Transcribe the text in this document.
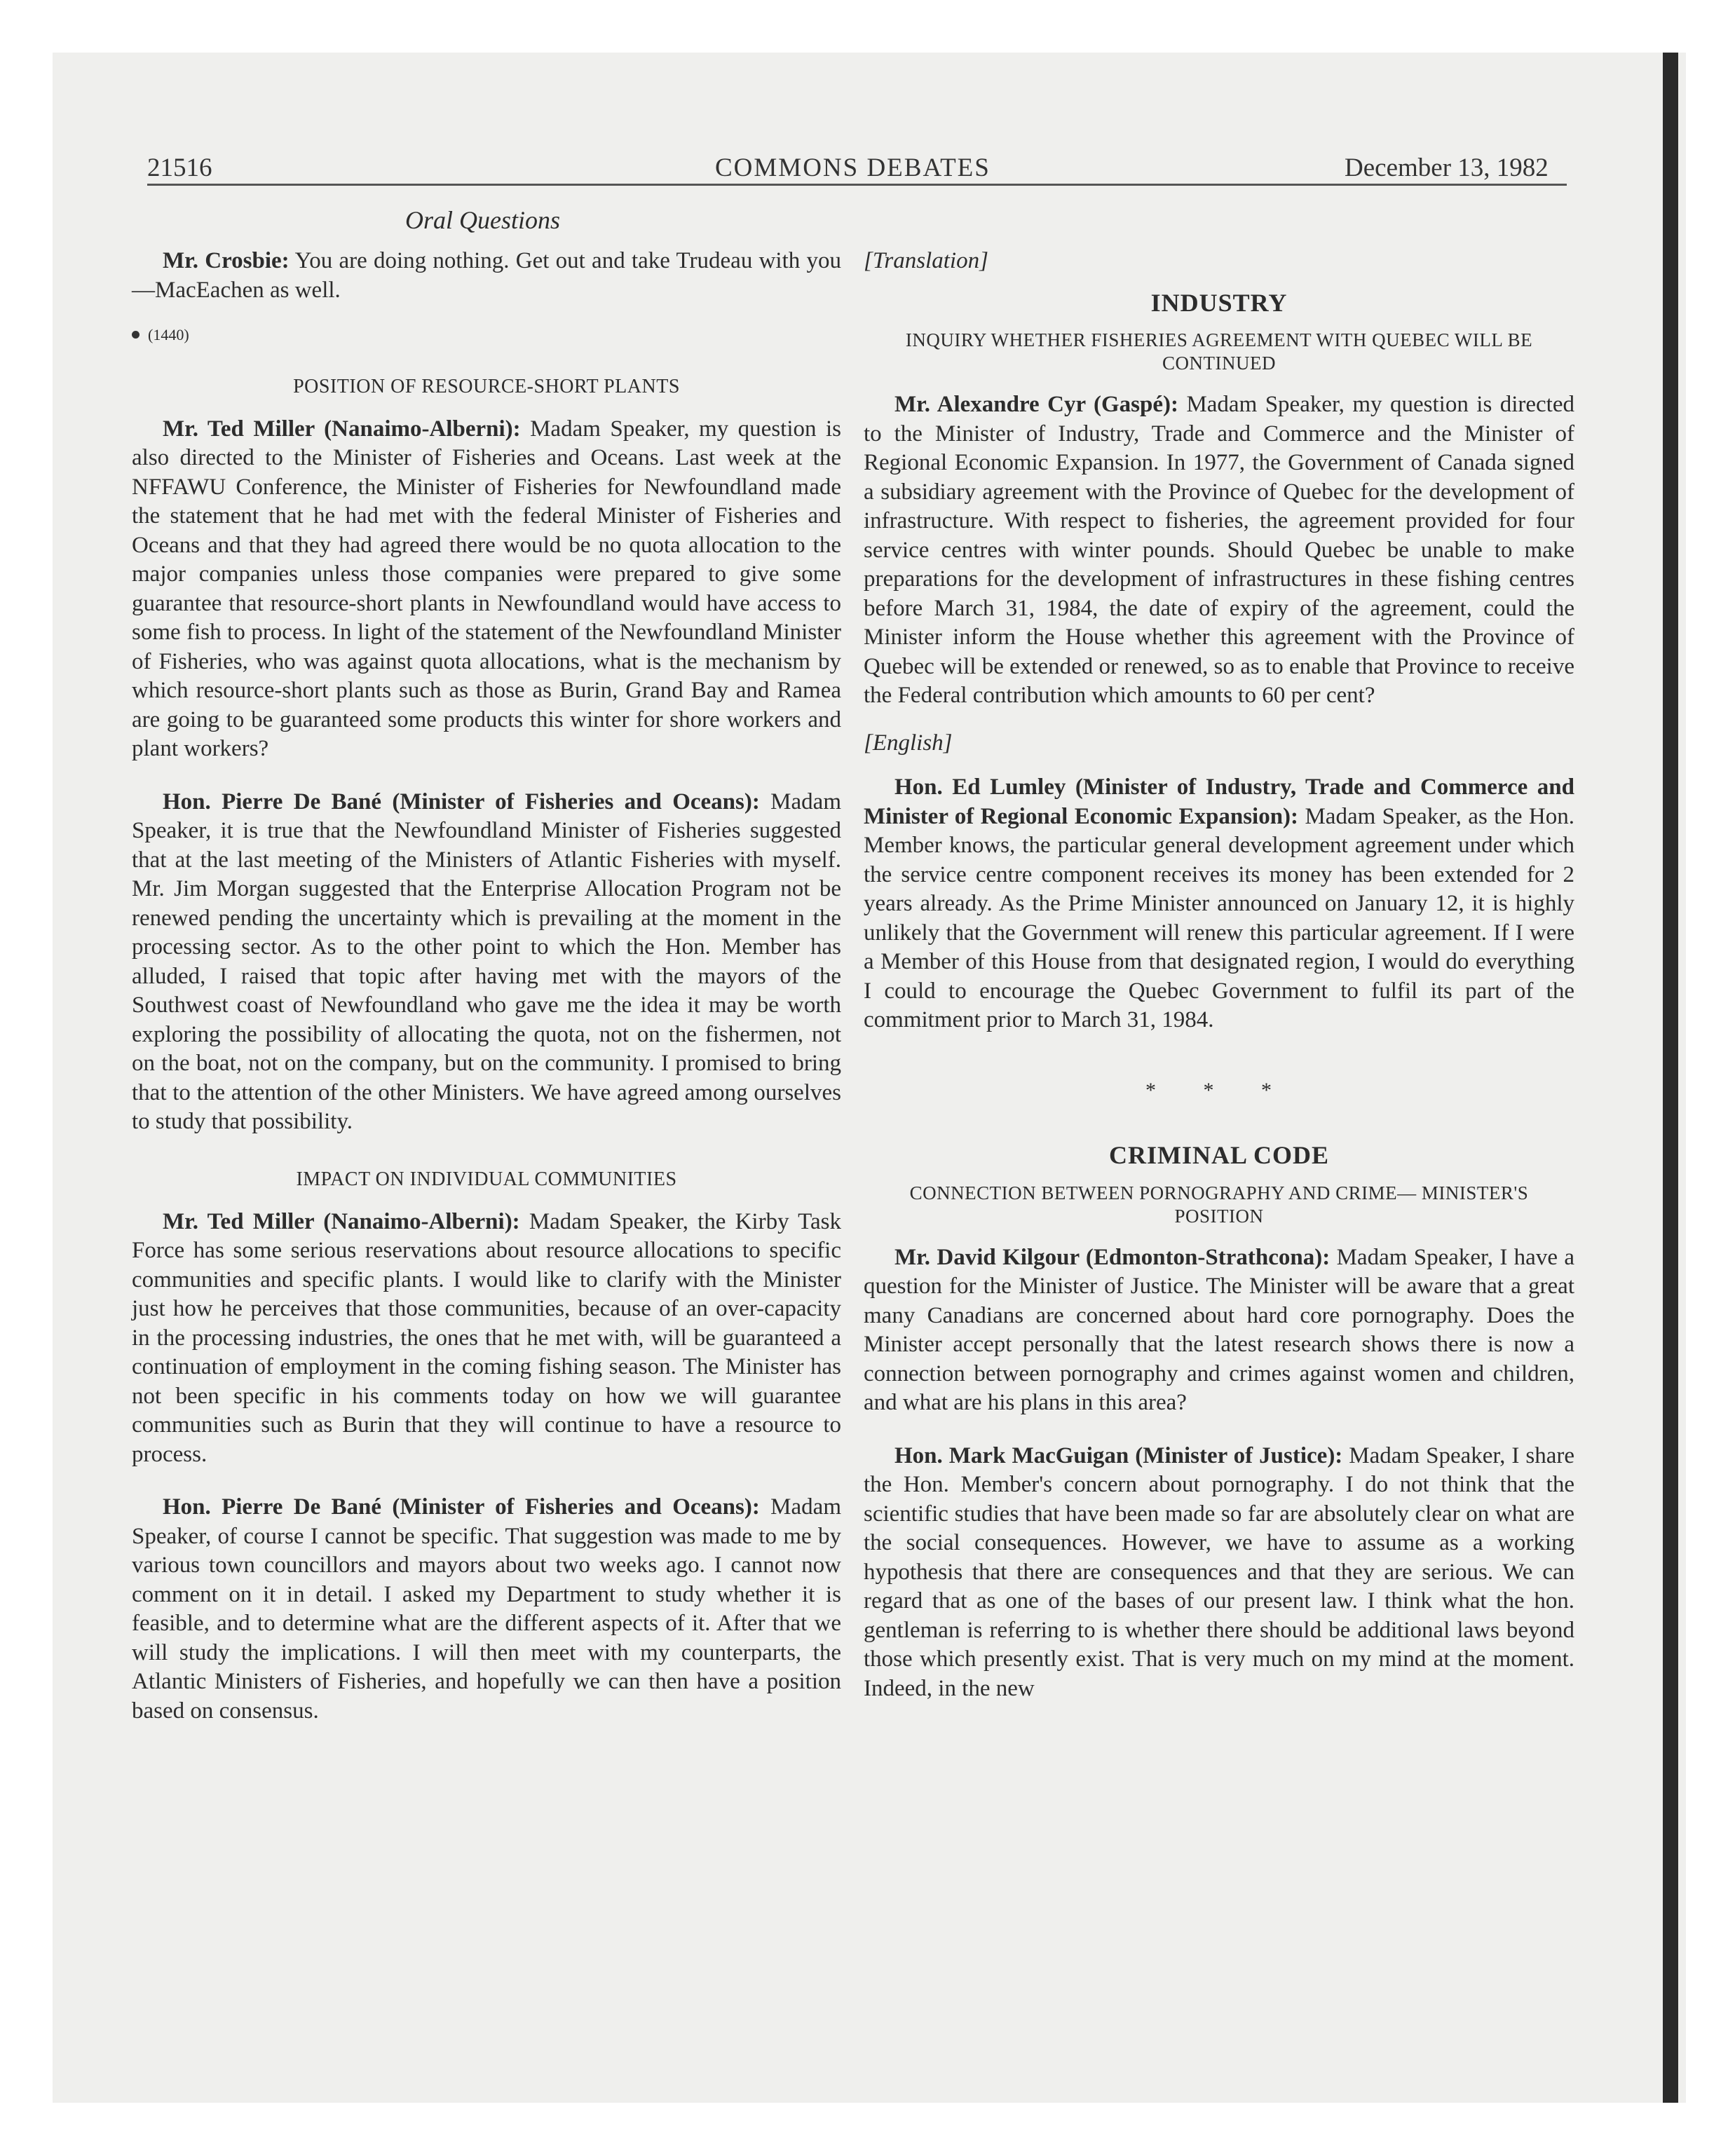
21516	COMMONS DEBATES	December 13, 1982
Oral Questions

Mr. Crosbie: You are doing nothing. Get out and take Trudeau with you—MacEachen as well.

(1440)
POSITION OF RESOURCE-SHORT PLANTS

Mr. Ted Miller (Nanaimo-Alberni): Madam Speaker, my question is also directed to the Minister of Fisheries and Oceans. Last week at the NFFAWU Conference, the Minister of Fisheries for Newfoundland made the statement that he had met with the federal Minister of Fisheries and Oceans and that they had agreed there would be no quota allocation to the major companies unless those companies were prepared to give some guarantee that resource-short plants in Newfoundland would have access to some fish to process. In light of the statement of the Newfoundland Minister of Fisheries, who was against quota allocations, what is the mechanism by which resource-short plants such as those as Burin, Grand Bay and Ramea are going to be guaranteed some products this winter for shore workers and plant workers?

Hon. Pierre De Bané (Minister of Fisheries and Oceans): Madam Speaker, it is true that the Newfoundland Minister of Fisheries suggested that at the last meeting of the Ministers of Atlantic Fisheries with myself. Mr. Jim Morgan suggested that the Enterprise Allocation Program not be renewed pending the uncertainty which is prevailing at the moment in the processing sector. As to the other point to which the Hon. Member has alluded, I raised that topic after having met with the mayors of the Southwest coast of Newfoundland who gave me the idea it may be worth exploring the possibility of allocating the quota, not on the fishermen, not on the boat, not on the company, but on the community. I promised to bring that to the attention of the other Ministers. We have agreed among ourselves to study that possibility.

IMPACT ON INDIVIDUAL COMMUNITIES

Mr. Ted Miller (Nanaimo-Alberni): Madam Speaker, the Kirby Task Force has some serious reservations about resource allocations to specific communities and specific plants. I would like to clarify with the Minister just how he perceives that those communities, because of an over-capacity in the processing industries, the ones that he met with, will be guaranteed a continuation of employment in the coming fishing season. The Minister has not been specific in his comments today on how we will guarantee communities such as Burin that they will continue to have a resource to process.

Hon. Pierre De Bané (Minister of Fisheries and Oceans): Madam Speaker, of course I cannot be specific. That suggestion was made to me by various town councillors and mayors about two weeks ago. I cannot now comment on it in detail. I asked my Department to study whether it is feasible, and to determine what are the different aspects of it. After that we will study the implications. I will then meet with my counterparts, the Atlantic Ministers of Fisheries, and hopefully we can then have a position based on consensus.

[Translation]

INDUSTRY
INQUIRY WHETHER FISHERIES AGREEMENT WITH QUEBEC WILL BE CONTINUED

Mr. Alexandre Cyr (Gaspé): Madam Speaker, my question is directed to the Minister of Industry, Trade and Commerce and the Minister of Regional Economic Expansion. In 1977, the Government of Canada signed a subsidiary agreement with the Province of Quebec for the development of infrastructure. With respect to fisheries, the agreement provided for four service centres with winter pounds. Should Quebec be unable to make preparations for the development of infrastructures in these fishing centres before March 31, 1984, the date of expiry of the agreement, could the Minister inform the House whether this agreement with the Province of Quebec will be extended or renewed, so as to enable that Province to receive the Federal contribution which amounts to 60 per cent?

[English]

Hon. Ed Lumley (Minister of Industry, Trade and Commerce and Minister of Regional Economic Expansion): Madam Speaker, as the Hon. Member knows, the particular general development agreement under which the service centre component receives its money has been extended for 2 years already. As the Prime Minister announced on January 12, it is highly unlikely that the Government will renew this particular agreement. If I were a Member of this House from that designated region, I would do everything I could to encourage the Quebec Government to fulfil its part of the commitment prior to March 31, 1984.

* * *
CRIMINAL CODE
CONNECTION BETWEEN PORNOGRAPHY AND CRIME— MINISTER'S POSITION

Mr. David Kilgour (Edmonton-Strathcona): Madam Speaker, I have a question for the Minister of Justice. The Minister will be aware that a great many Canadians are concerned about hard core pornography. Does the Minister accept personally that the latest research shows there is now a connection between pornography and crimes against women and children, and what are his plans in this area?

Hon. Mark MacGuigan (Minister of Justice): Madam Speaker, I share the Hon. Member's concern about pornography. I do not think that the scientific studies that have been made so far are absolutely clear on what are the social consequences. However, we have to assume as a working hypothesis that there are consequences and that they are serious. We can regard that as one of the bases of our present law. I think what the hon. gentleman is referring to is whether there should be additional laws beyond those which presently exist. That is very much on my mind at the moment. Indeed, in the new
